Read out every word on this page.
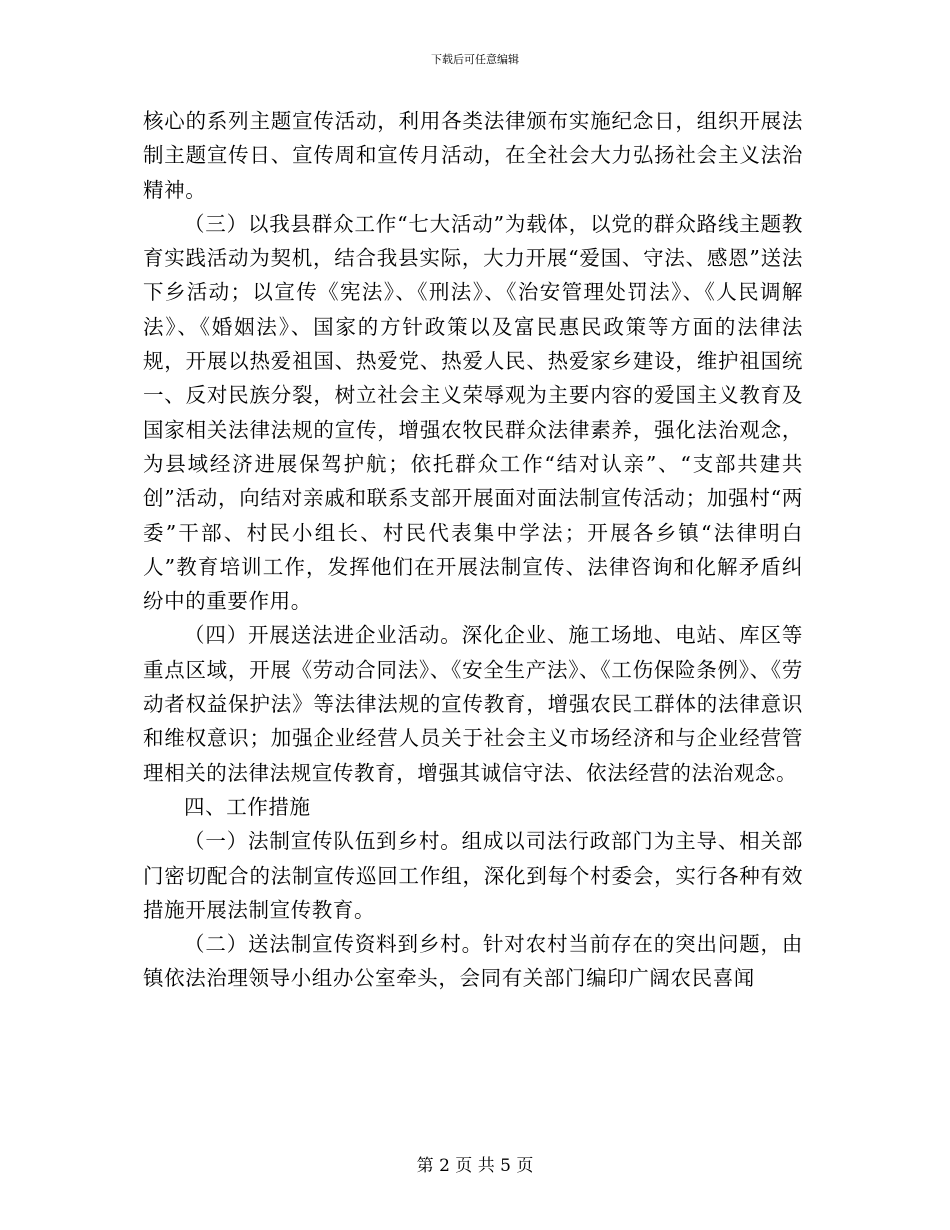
下载后可任意编辑

核心的系列主题宣传活动，利用各类法律颁布实施纪念日，组织开展法制主题宣传日、宣传周和宣传月活动，在全社会大力弘扬社会主义法治精神。

（三）以我县群众工作“七大活动”为载体，以党的群众路线主题教育实践活动为契机，结合我县实际，大力开展“爱国、守法、感恩”送法下乡活动；以宣传《宪法》、《刑法》、《治安管理处罚法》、《人民调解法》、《婚姻法》、国家的方针政策以及富民惠民政策等方面的法律法规，开展以热爱祖国、热爱党、热爱人民、热爱家乡建设，维护祖国统一、反对民族分裂，树立社会主义荣辱观为主要内容的爱国主义教育及国家相关法律法规的宣传，增强农牧民群众法律素养，强化法治观念，为县域经济进展保驾护航；依托群众工作“结对认亲”、“支部共建共创”活动，向结对亲戚和联系支部开展面对面法制宣传活动；加强村“两委”干部、村民小组长、村民代表集中学法；开展各乡镇“法律明白人”教育培训工作，发挥他们在开展法制宣传、法律咨询和化解矛盾纠纷中的重要作用。

（四）开展送法进企业活动。深化企业、施工场地、电站、库区等重点区域，开展《劳动合同法》、《安全生产法》、《工伤保险条例》、《劳动者权益保护法》等法律法规的宣传教育，增强农民工群体的法律意识和维权意识；加强企业经营人员关于社会主义市场经济和与企业经营管理相关的法律法规宣传教育，增强其诚信守法、依法经营的法治观念。

四、工作措施

（一）法制宣传队伍到乡村。组成以司法行政部门为主导、相关部门密切配合的法制宣传巡回工作组，深化到每个村委会，实行各种有效措施开展法制宣传教育。

（二）送法制宣传资料到乡村。针对农村当前存在的突出问题，由镇依法治理领导小组办公室牵头，会同有关部门编印广阔农民喜闻

第 2 页 共 5 页
